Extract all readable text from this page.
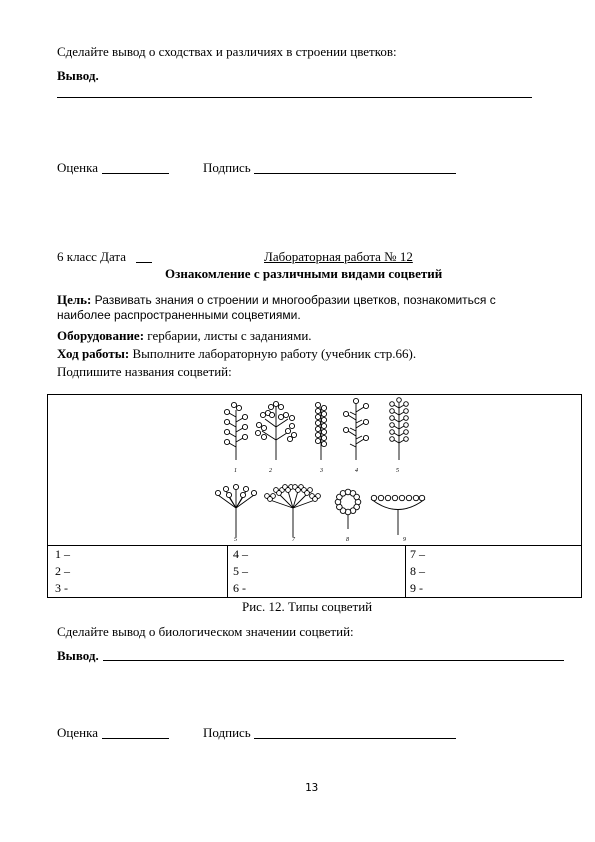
Сделайте вывод о сходствах и различиях в строении цветков:
Вывод.
Оценка	Подпись
6 класс Дата	Лабораторная работа № 12
Ознакомление с различными видами соцветий
Цель: Развивать знания о строении и многообразии цветков, познакомиться с
наиболее распространенными соцветиями.
Оборудование: гербарии, листы с заданиями.
Ход работы: Выполните лабораторную работу (учебник стр.66).
Подпишите названия соцветий:
1	2	3	4	5
5	7	8	9
1 –
2 –
3 -
4 –
5 –
6 -
7 –
8 –
9 -
Рис. 12. Типы соцветий
Сделайте вывод о биологическом значении соцветий:
Вывод.
Оценка	Подпись
13
